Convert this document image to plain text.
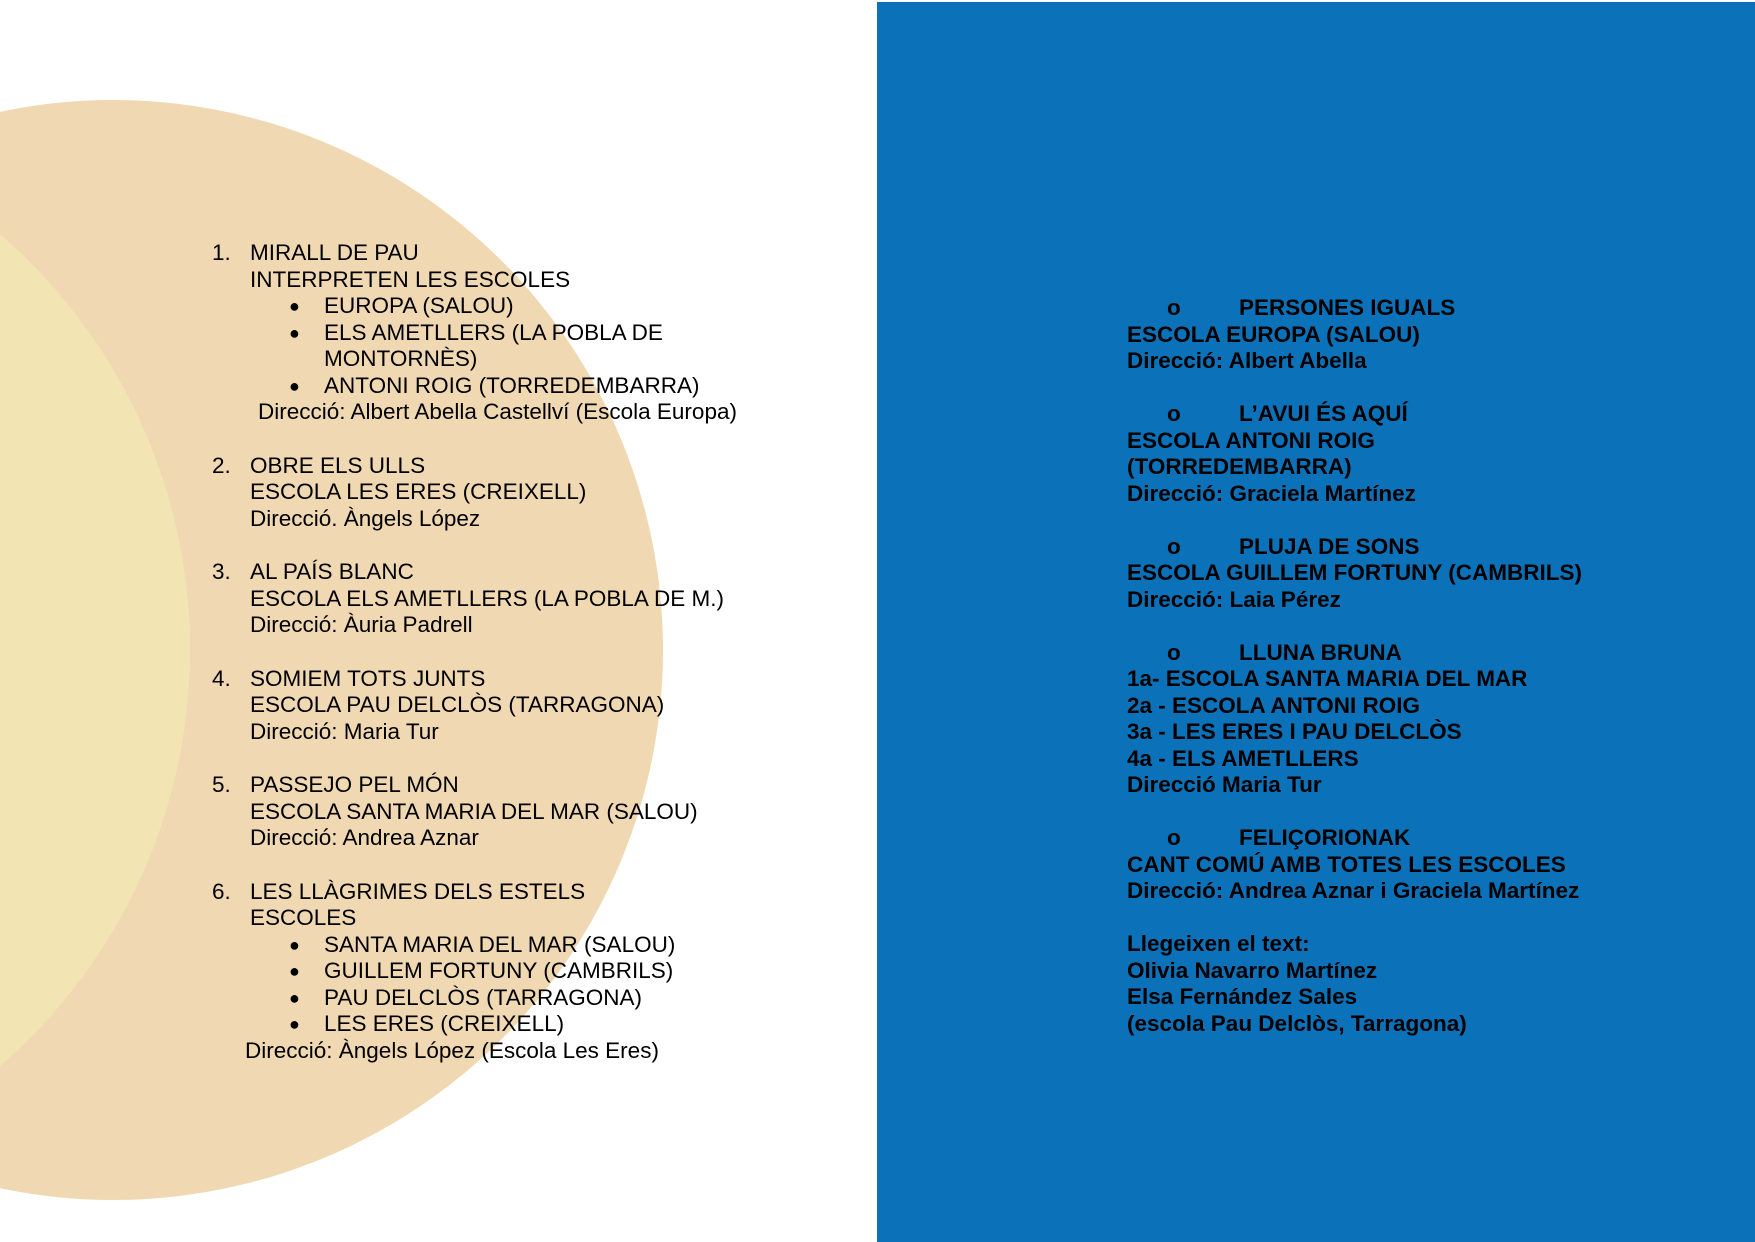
1. MIRALL DE PAU
INTERPRETEN LES ESCOLES
● EUROPA (SALOU)
● ELS AMETLLERS (LA POBLA DE
MONTORNÈS)
● ANTONI ROIG (TORREDEMBARRA)
Direcció: Albert Abella Castellví (Escola Europa)
2. OBRE ELS ULLS
ESCOLA LES ERES (CREIXELL)
Direcció. Àngels López
3. AL PAÍS BLANC
ESCOLA ELS AMETLLERS (LA POBLA DE M.)
Direcció: Àuria Padrell
4. SOMIEM TOTS JUNTS
ESCOLA PAU DELCLÒS (TARRAGONA)
Direcció: Maria Tur
5. PASSEJO PEL MÓN
ESCOLA SANTA MARIA DEL MAR (SALOU)
Direcció: Andrea Aznar
6. LES LLÀGRIMES DELS ESTELS
ESCOLES
● SANTA MARIA DEL MAR (SALOU)
● GUILLEM FORTUNY (CAMBRILS)
● PAU DELCLÒS (TARRAGONA)
● LES ERES (CREIXELL)
Direcció: Àngels López (Escola Les Eres)
o	PERSONES IGUALS
ESCOLA EUROPA (SALOU)
Direcció: Albert Abella
o	L’AVUI ÉS AQUÍ
ESCOLA ANTONI ROIG
(TORREDEMBARRA)
Direcció: Graciela Martínez
o	PLUJA DE SONS
ESCOLA GUILLEM FORTUNY (CAMBRILS)
Direcció: Laia Pérez
o	LLUNA BRUNA
1a- ESCOLA SANTA MARIA DEL MAR
2a - ESCOLA ANTONI ROIG
3a - LES ERES I PAU DELCLÒS
4a - ELS AMETLLERS
Direcció Maria Tur
o	FELIÇORIONAK
CANT COMÚ AMB TOTES LES ESCOLES
Direcció: Andrea Aznar i Graciela Martínez
Llegeixen el text:
Olivia Navarro Martínez
Elsa Fernández Sales
(escola Pau Delclòs, Tarragona)
